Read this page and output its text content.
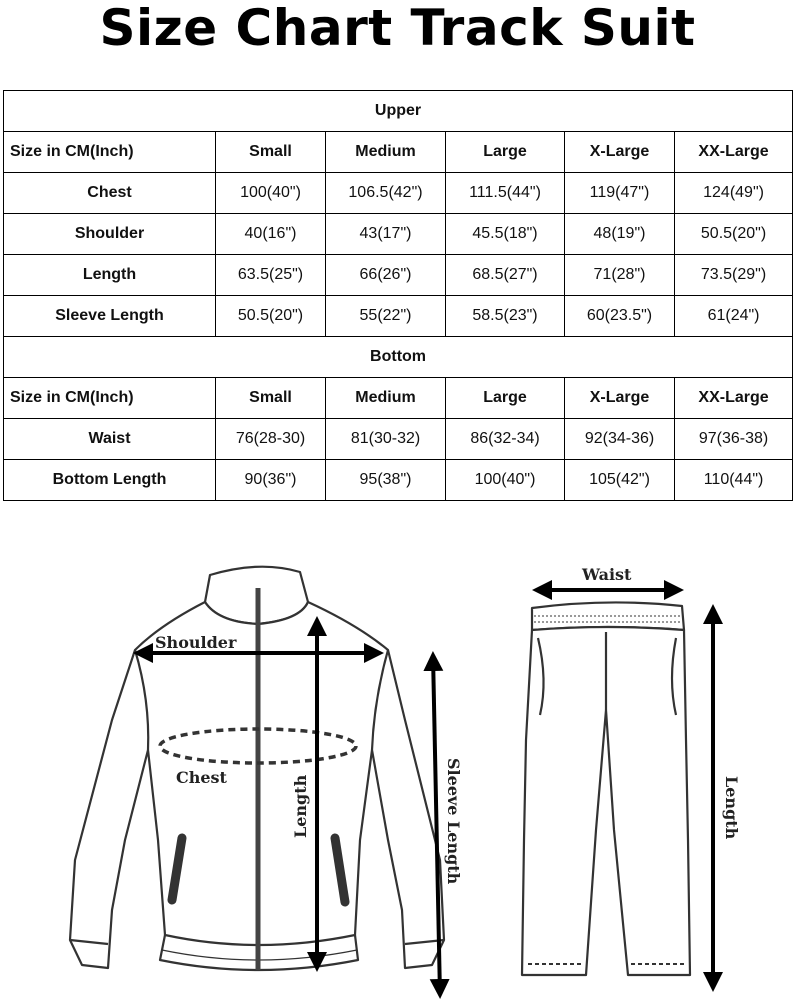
Size Chart Track Suit
Upper					
Size in CM(Inch)	Small	Medium	Large	X-Large	XX-Large
Chest	100(40")	106.5(42")	111.5(44")	119(47")	124(49")
Shoulder	40(16")	43(17")	45.5(18")	48(19")	50.5(20")
Length	63.5(25")	66(26")	68.5(27")	71(28")	73.5(29")
Sleeve Length	50.5(20")	55(22")	58.5(23")	60(23.5")	61(24")
Bottom					
Size in CM(Inch)	Small	Medium	Large	X-Large	XX-Large
Waist	76(28-30)	81(30-32)	86(32-34)	92(34-36)	97(36-38)
Bottom Length	90(36")	95(38")	100(40")	105(42")	110(44")
Shoulder
Chest	Length	Sleeve Length
Waist
Length
